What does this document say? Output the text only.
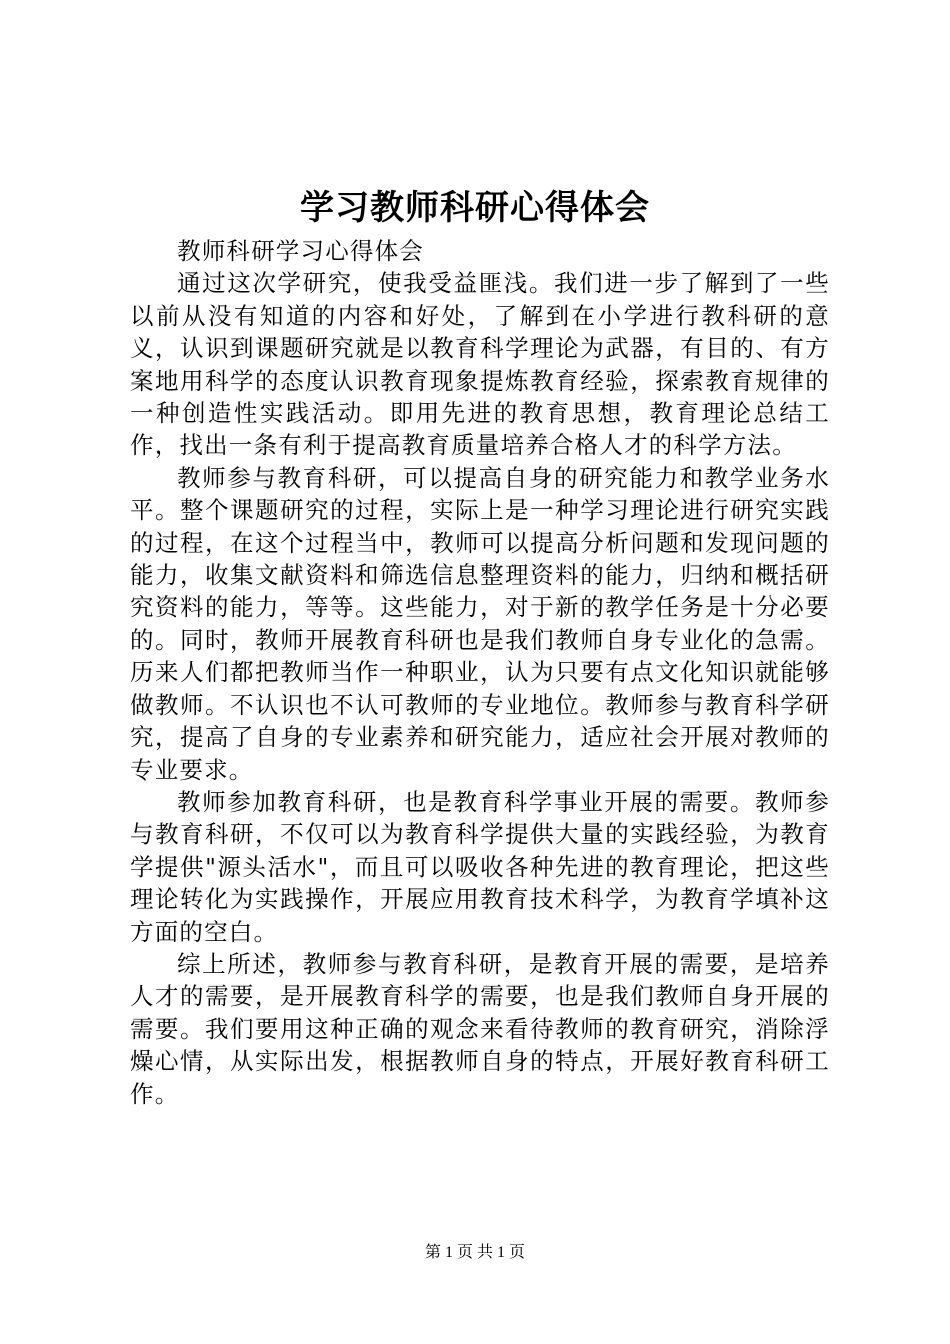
学习教师科研心得体会

教师科研学习心得体会

通过这次学研究，使我受益匪浅。我们进一步了解到了一些以前从没有知道的内容和好处，了解到在小学进行教科研的意义，认识到课题研究就是以教育科学理论为武器，有目的、有方案地用科学的态度认识教育现象提炼教育经验，探索教育规律的一种创造性实践活动。即用先进的教育思想，教育理论总结工作，找出一条有利于提高教育质量培养合格人才的科学方法。

教师参与教育科研，可以提高自身的研究能力和教学业务水平。整个课题研究的过程，实际上是一种学习理论进行研究实践的过程，在这个过程当中，教师可以提高分析问题和发现问题的能力，收集文献资料和筛选信息整理资料的能力，归纳和概括研究资料的能力，等等。这些能力，对于新的教学任务是十分必要的。同时，教师开展教育科研也是我们教师自身专业化的急需。历来人们都把教师当作一种职业，认为只要有点文化知识就能够做教师。不认识也不认可教师的专业地位。教师参与教育科学研究，提高了自身的专业素养和研究能力，适应社会开展对教师的专业要求。

教师参加教育科研，也是教育科学事业开展的需要。教师参与教育科研，不仅可以为教育科学提供大量的实践经验，为教育学提供"源头活水"，而且可以吸收各种先进的教育理论，把这些理论转化为实践操作，开展应用教育技术科学，为教育学填补这方面的空白。

综上所述，教师参与教育科研，是教育开展的需要，是培养人才的需要，是开展教育科学的需要，也是我们教师自身开展的需要。我们要用这种正确的观念来看待教师的教育研究，消除浮燥心情，从实际出发，根据教师自身的特点，开展好教育科研工作。

第 1 页 共 1 页
